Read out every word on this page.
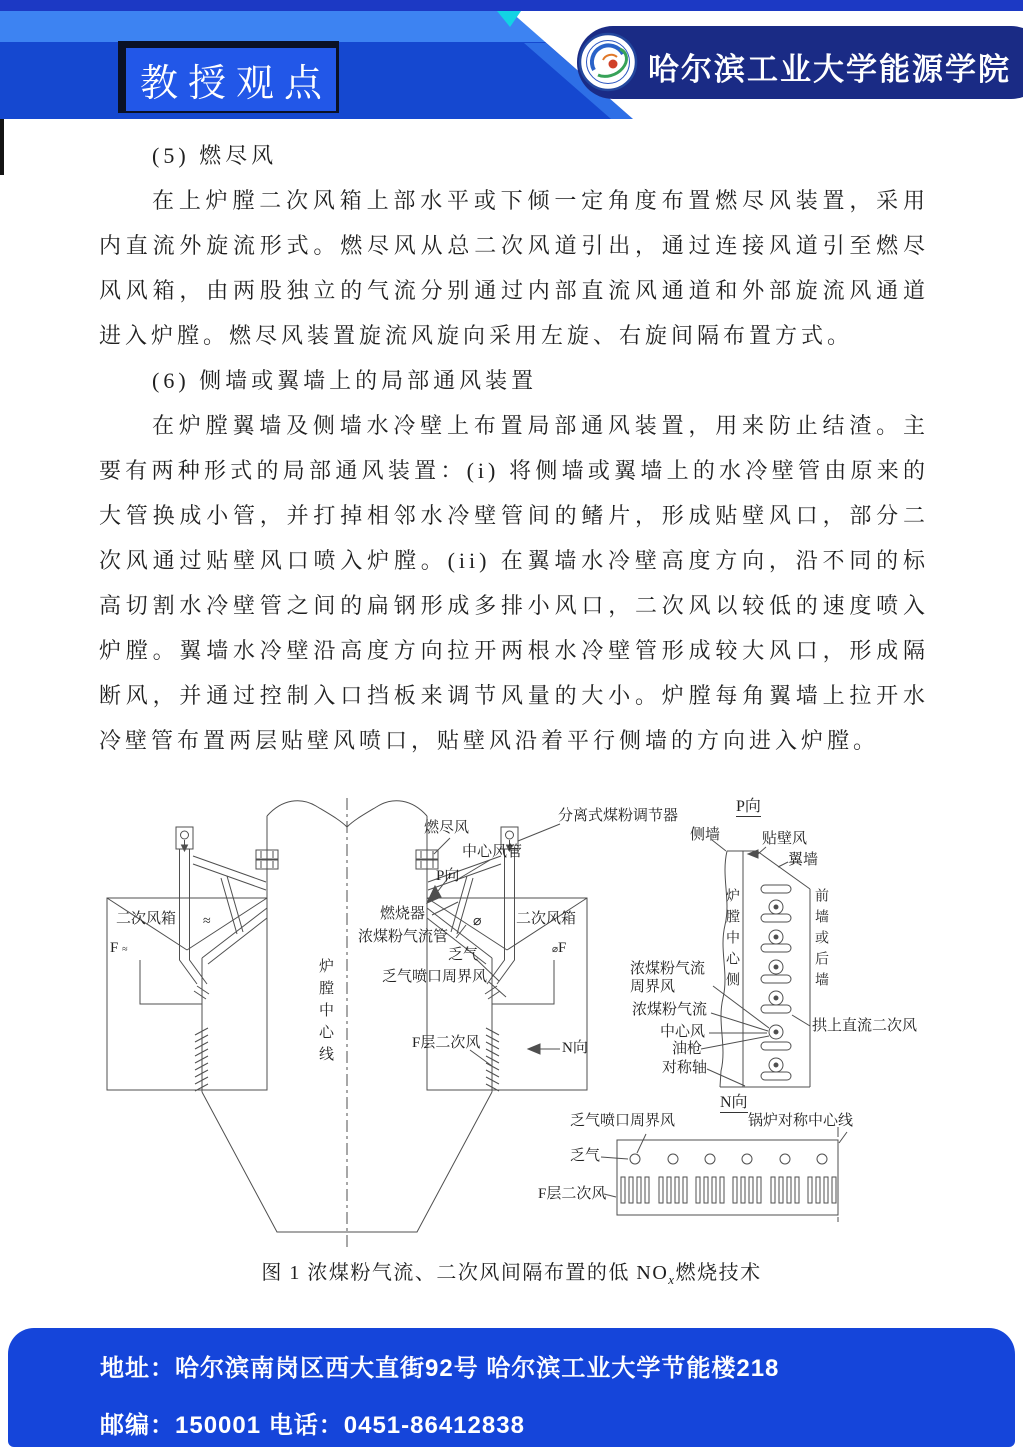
教授观点	哈尔滨工业大学能源学院
(5) 燃尽风

在上炉膛二次风箱上部水平或下倾一定角度布置燃尽风装置，采用内直流外旋流形式。燃尽风从总二次风道引出，通过连接风道引至燃尽风风箱，由两股独立的气流分别通过内部直流风通道和外部旋流风通道进入炉膛。燃尽风装置旋流风旋向采用左旋、右旋间隔布置方式。

(6) 侧墙或翼墙上的局部通风装置

在炉膛翼墙及侧墙水冷壁上布置局部通风装置，用来防止结渣。主要有两种形式的局部通风装置：(i) 将侧墙或翼墙上的水冷壁管由原来的大管换成小管，并打掉相邻水冷壁管间的鳍片，形成贴壁风口，部分二次风通过贴壁风口喷入炉膛。(ii) 在翼墙水冷壁高度方向，沿不同的标高切割水冷壁管之间的扁钢形成多排小风口，二次风以较低的速度喷入炉膛。翼墙水冷壁沿高度方向拉开两根水冷壁管形成较大风口，形成隔断风，并通过控制入口挡板来调节风量的大小。炉膛每角翼墙上拉开水冷壁管布置两层贴壁风喷口，贴壁风沿着平行侧墙的方向进入炉膛。

燃尽风
分离式煤粉调节器
中心风管
P向
燃烧器
浓煤粉气流管
二次风箱 ≈	⌀ 二次风箱
F ≈	⌀F
乏气
乏气喷口周界风
炉膛中心线	F层二次风	N向
P向
侧墙	贴壁风
翼墙
炉膛中心侧	前墙或后墙
浓煤粉气流
周界风
浓煤粉气流
中心风
油枪
对称轴
拱上直流二次风
N向
乏气喷口周界风	锅炉对称中心线
乏气
F层二次风
图 1 浓煤粉气流、二次风间隔布置的低 $NO_x$燃烧技术

地址：哈尔滨南岗区西大直街92号 哈尔滨工业大学节能楼218

邮编：150001 电话：0451-86412838
